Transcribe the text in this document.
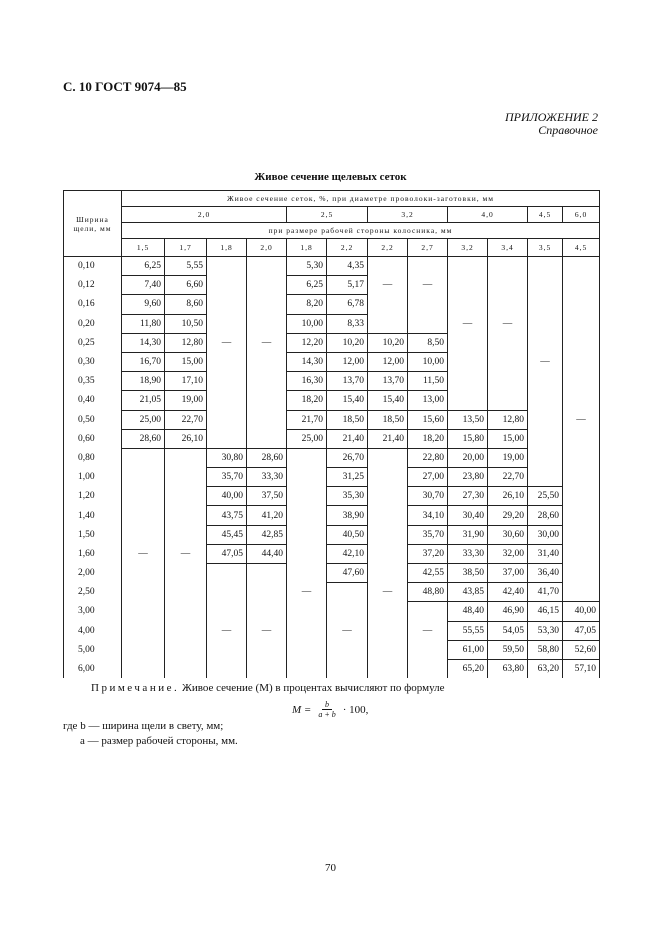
С. 10 ГОСТ 9074—85
ПРИЛОЖЕНИЕ 2
Справочное
Живое сечение щелевых сеток
Ширина щели, мм	Живое сечение сеток, %, при диаметре проволоки-заготовки, мм											
	2,0				2,5		3,2		4,0		4,5	6,0
	при размере рабочей стороны колосника, мм											
	1,5	1,7	1,8	2,0	1,8	2,2	2,2	2,7	3,2	3,4	3,5	4,5
0,10	6,25	5,55			5,30	4,35						
0,12	7,40	6,60			6,25	5,17	—	—				
0,16	9,60	8,60			8,20	6,78						
0,20	11,80	10,50			10,00	8,33			—	—		
0,25	14,30	12,80	—	—	12,20	10,20	10,20	8,50				
0,30	16,70	15,00			14,30	12,00	12,00	10,00			—	
0,35	18,90	17,10			16,30	13,70	13,70	11,50				
0,40	21,05	19,00			18,20	15,40	15,40	13,00				
0,50	25,00	22,70			21,70	18,50	18,50	15,60	13,50	12,80		—
0,60	28,60	26,10			25,00	21,40	21,40	18,20	15,80	15,00		
0,80			30,80	28,60		26,70		22,80	20,00	19,00		
1,00			35,70	33,30		31,25		27,00	23,80	22,70		
1,20			40,00	37,50		35,30		30,70	27,30	26,10	25,50	
1,40			43,75	41,20		38,90		34,10	30,40	29,20	28,60	
1,50			45,45	42,85		40,50		35,70	31,90	30,60	30,00	
1,60	—	—	47,05	44,40		42,10		37,20	33,30	32,00	31,40	
2,00						47,60		42,55	38,50	37,00	36,40	
2,50					—		—	48,80	43,85	42,40	41,70	
3,00									48,40	46,90	46,15	40,00
4,00			—	—		—		—	55,55	54,05	53,30	47,05
5,00									61,00	59,50	58,80	52,60
6,00									65,20	63,80	63,20	57,10
Примечание. Живое сечение (М) в процентах вычисляют по формуле
$М = \frac{b}{a + b} \cdot 100$,
где b — ширина щели в свету, мм;
a — размер рабочей стороны, мм.
70
